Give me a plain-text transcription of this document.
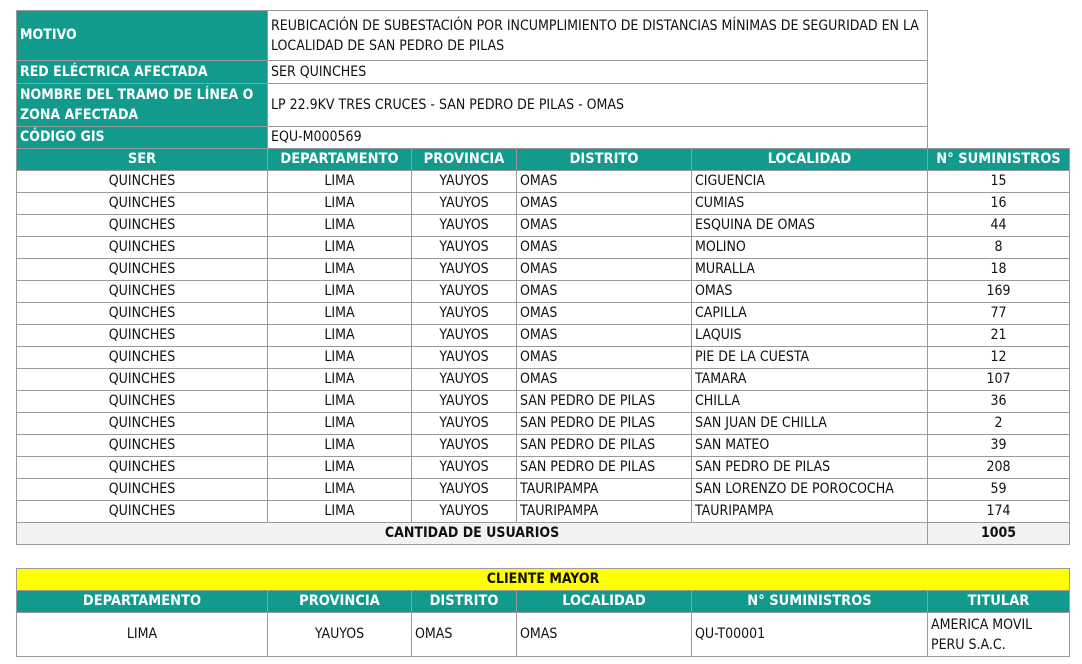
MOTIVO	REUBICACIÓN DE SUBESTACIÓN POR INCUMPLIMIENTO DE DISTANCIAS MÍNIMAS DE SEGURIDAD EN LA LOCALIDAD DE SAN PEDRO DE PILAS				
RED ELÉCTRICA AFECTADA	SER QUINCHES				
NOMBRE DEL TRAMO DE LÍNEA O ZONA AFECTADA	LP 22.9KV TRES CRUCES - SAN PEDRO DE PILAS - OMAS				
CÓDIGO GIS	EQU-M000569				
SER	DEPARTAMENTO	PROVINCIA	DISTRITO	LOCALIDAD	N° SUMINISTROS
QUINCHES	LIMA	YAUYOS	OMAS	CIGUENCIA	15
QUINCHES	LIMA	YAUYOS	OMAS	CUMIAS	16
QUINCHES	LIMA	YAUYOS	OMAS	ESQUINA DE OMAS	44
QUINCHES	LIMA	YAUYOS	OMAS	MOLINO	8
QUINCHES	LIMA	YAUYOS	OMAS	MURALLA	18
QUINCHES	LIMA	YAUYOS	OMAS	OMAS	169
QUINCHES	LIMA	YAUYOS	OMAS	CAPILLA	77
QUINCHES	LIMA	YAUYOS	OMAS	LAQUIS	21
QUINCHES	LIMA	YAUYOS	OMAS	PIE DE LA CUESTA	12
QUINCHES	LIMA	YAUYOS	OMAS	TAMARA	107
QUINCHES	LIMA	YAUYOS	SAN PEDRO DE PILAS	CHILLA	36
QUINCHES	LIMA	YAUYOS	SAN PEDRO DE PILAS	SAN JUAN DE CHILLA	2
QUINCHES	LIMA	YAUYOS	SAN PEDRO DE PILAS	SAN MATEO	39
QUINCHES	LIMA	YAUYOS	SAN PEDRO DE PILAS	SAN PEDRO DE PILAS	208
QUINCHES	LIMA	YAUYOS	TAURIPAMPA	SAN LORENZO DE POROCOCHA	59
QUINCHES	LIMA	YAUYOS	TAURIPAMPA	TAURIPAMPA	174
CANTIDAD DE USUARIOS					1005
CLIENTE MAYOR					
DEPARTAMENTO	PROVINCIA	DISTRITO	LOCALIDAD	N° SUMINISTROS	TITULAR
LIMA	YAUYOS	OMAS	OMAS	QU-T00001	AMERICA MOVIL PERU S.A.C.
